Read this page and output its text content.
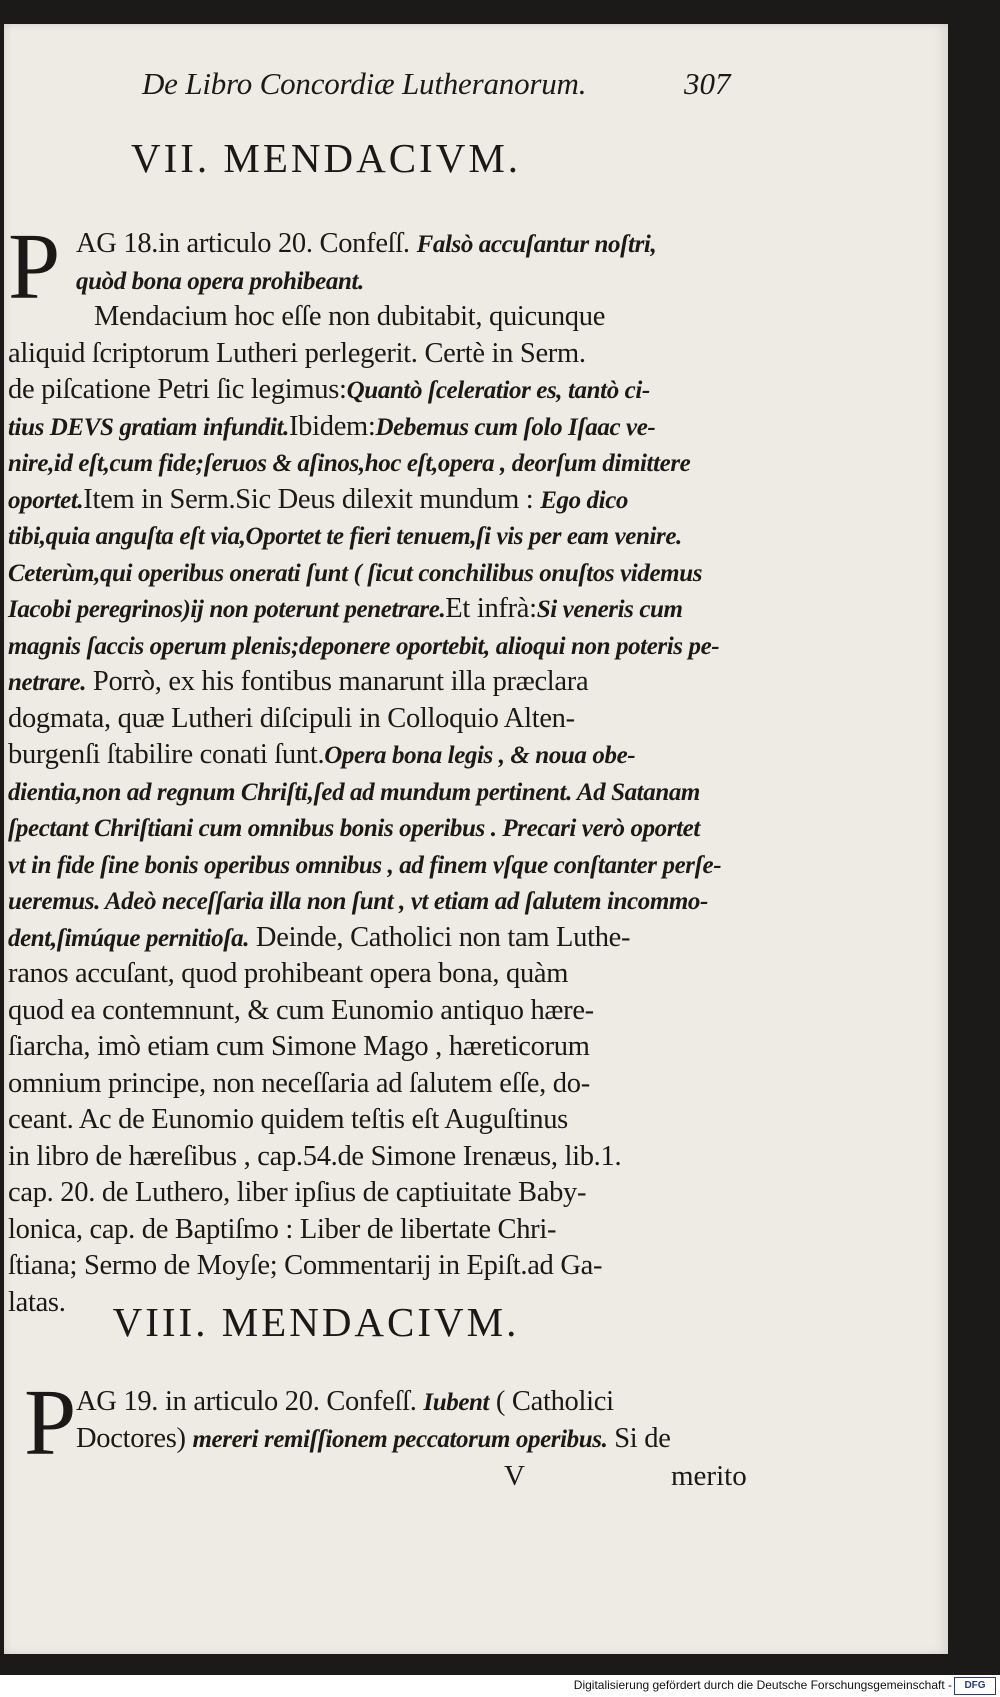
De Libro Concordiæ Lutheranorum.	307
VII. MENDACIVM.
P AG 18.in articulo 20. Confeſſ. Falsò accuſantur noſtri,
quòd bona opera prohibeant.
Mendacium hoc eſſe non dubitabit, quicunque
aliquid ſcriptorum Lutheri perlegerit. Certè in Serm.
de piſcatione Petri ſic legimus:Quantò ſceleratior es, tantò ci-
tius DEVS gratiam infundit.Ibidem:Debemus cum ſolo Iſaac ve-
nire,id eſt,cum fide;ſeruos & aſinos,hoc eſt,opera , deorſum dimittere
oportet.Item in Serm.Sic Deus dilexit mundum : Ego dico
tibi,quia anguſta eſt via,Oportet te fieri tenuem,ſi vis per eam venire.
Ceterùm,qui operibus onerati ſunt ( ſicut conchilibus onuſtos videmus
Iacobi peregrinos)ij non poterunt penetrare.Et infrà:Si veneris cum
magnis ſaccis operum plenis;deponere oportebit, alioqui non poteris pe-
netrare. Porrò, ex his fontibus manarunt illa præclara
dogmata, quæ Lutheri diſcipuli in Colloquio Alten-
burgenſi ſtabilire conati ſunt.Opera bona legis , & noua obe-
dientia,non ad regnum Chriſti,ſed ad mundum pertinent. Ad Satanam
ſpectant Chriſtiani cum omnibus bonis operibus . Precari verò oportet
vt in fide ſine bonis operibus omnibus , ad finem vſque conſtanter perſe-
ueremus. Adeò neceſſaria illa non ſunt , vt etiam ad ſalutem incommo-
dent,ſimúque pernitioſa. Deinde, Catholici non tam Luthe-
ranos accuſant, quod prohibeant opera bona, quàm
quod ea contemnunt, & cum Eunomio antiquo hære-
ſiarcha, imò etiam cum Simone Mago , hæreticorum
omnium principe, non neceſſaria ad ſalutem eſſe, do-
ceant. Ac de Eunomio quidem teſtis eſt Auguſtinus
in libro de hæreſibus , cap.54.de Simone Irenæus, lib.1.
cap. 20. de Luthero, liber ipſius de captiuitate Baby-
lonica, cap. de Baptiſmo : Liber de libertate Chri-
ſtiana; Sermo de Moyſe; Commentarij in Epiſt.ad Ga-
latas.	VIII. MENDACIVM.
P AG 19. in articulo 20. Confeſſ. Iubent ( Catholici
Doctores) mereri remiſſionem peccatorum operibus. Si de
V	merito
Digitalisierung gefördert durch die Deutsche Forschungsgemeinschaft -	DFG
